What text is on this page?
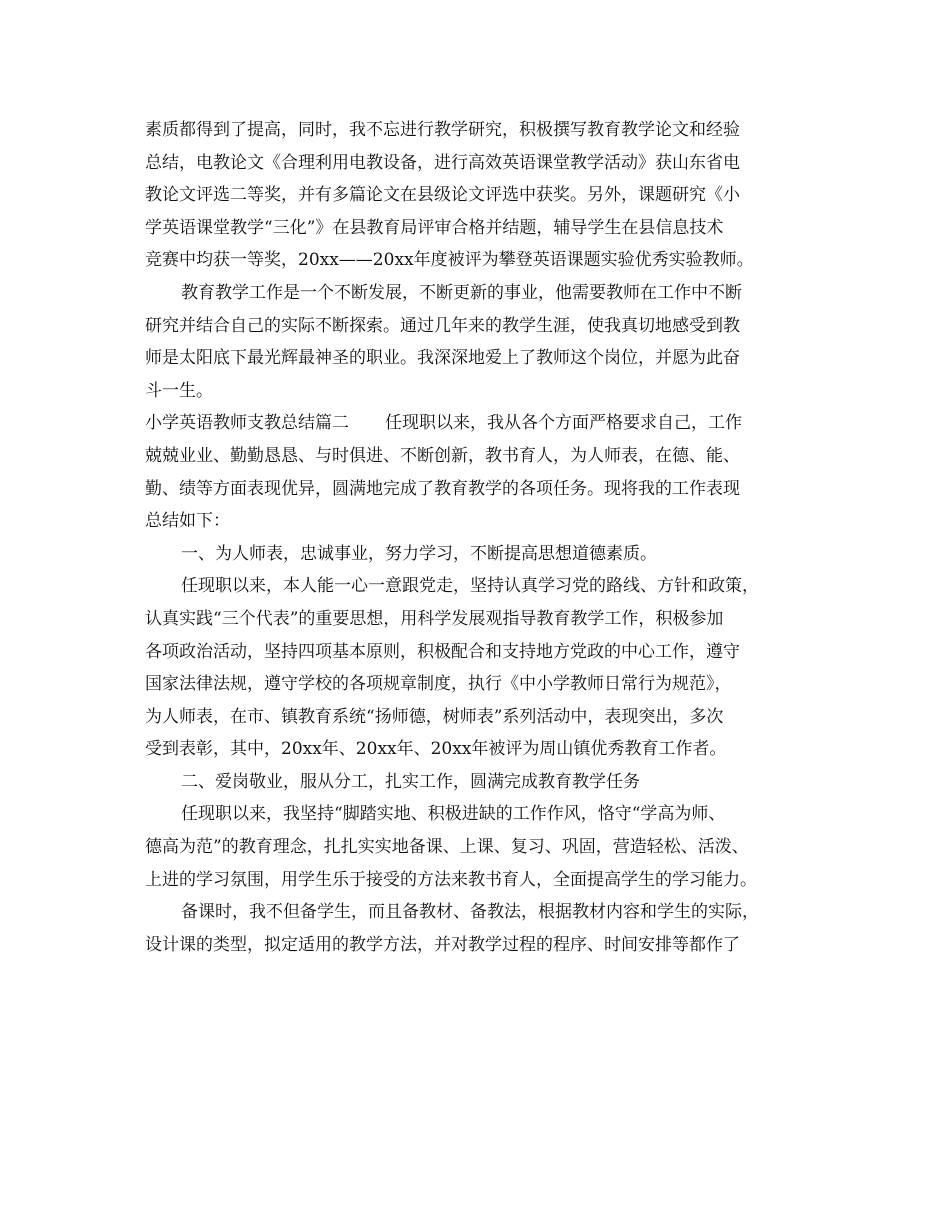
素质都得到了提高，同时，我不忘进行教学研究，积极撰写教育教学论文和经验
总结，电教论文《合理利用电教设备，进行高效英语课堂教学活动》获山东省电
教论文评选二等奖，并有多篇论文在县级论文评选中获奖。另外，课题研究《小
学英语课堂教学“三化”》在县教育局评审合格并结题，辅导学生在县信息技术
竞赛中均获一等奖，20xx——20xx年度被评为攀登英语课题实验优秀实验教师。
教育教学工作是一个不断发展，不断更新的事业，他需要教师在工作中不断
研究并结合自己的实际不断探索。通过几年来的教学生涯，使我真切地感受到教
师是太阳底下最光辉最神圣的职业。我深深地爱上了教师这个岗位，并愿为此奋
斗一生。
小学英语教师支教总结篇二 任现职以来，我从各个方面严格要求自己，工作
兢兢业业、勤勤恳恳、与时俱进、不断创新，教书育人，为人师表，在德、能、
勤、绩等方面表现优异，圆满地完成了教育教学的各项任务。现将我的工作表现
总结如下：
一、为人师表，忠诚事业，努力学习，不断提高思想道德素质。
任现职以来，本人能一心一意跟党走，坚持认真学习党的路线、方针和政策，
认真实践“三个代表”的重要思想，用科学发展观指导教育教学工作，积极参加
各项政治活动，坚持四项基本原则，积极配合和支持地方党政的中心工作，遵守
国家法律法规，遵守学校的各项规章制度，执行《中小学教师日常行为规范》，
为人师表，在市、镇教育系统“扬师德，树师表”系列活动中，表现突出，多次
受到表彰，其中，20xx年、20xx年、20xx年被评为周山镇优秀教育工作者。
二、爱岗敬业，服从分工，扎实工作，圆满完成教育教学任务
任现职以来，我坚持“脚踏实地、积极进缺的工作作风，恪守“学高为师、
德高为范”的教育理念，扎扎实实地备课、上课、复习、巩固，营造轻松、活泼、
上进的学习氛围，用学生乐于接受的方法来教书育人，全面提高学生的学习能力。
备课时，我不但备学生，而且备教材、备教法，根据教材内容和学生的实际，
设计课的类型，拟定适用的教学方法，并对教学过程的程序、时间安排等都作了
